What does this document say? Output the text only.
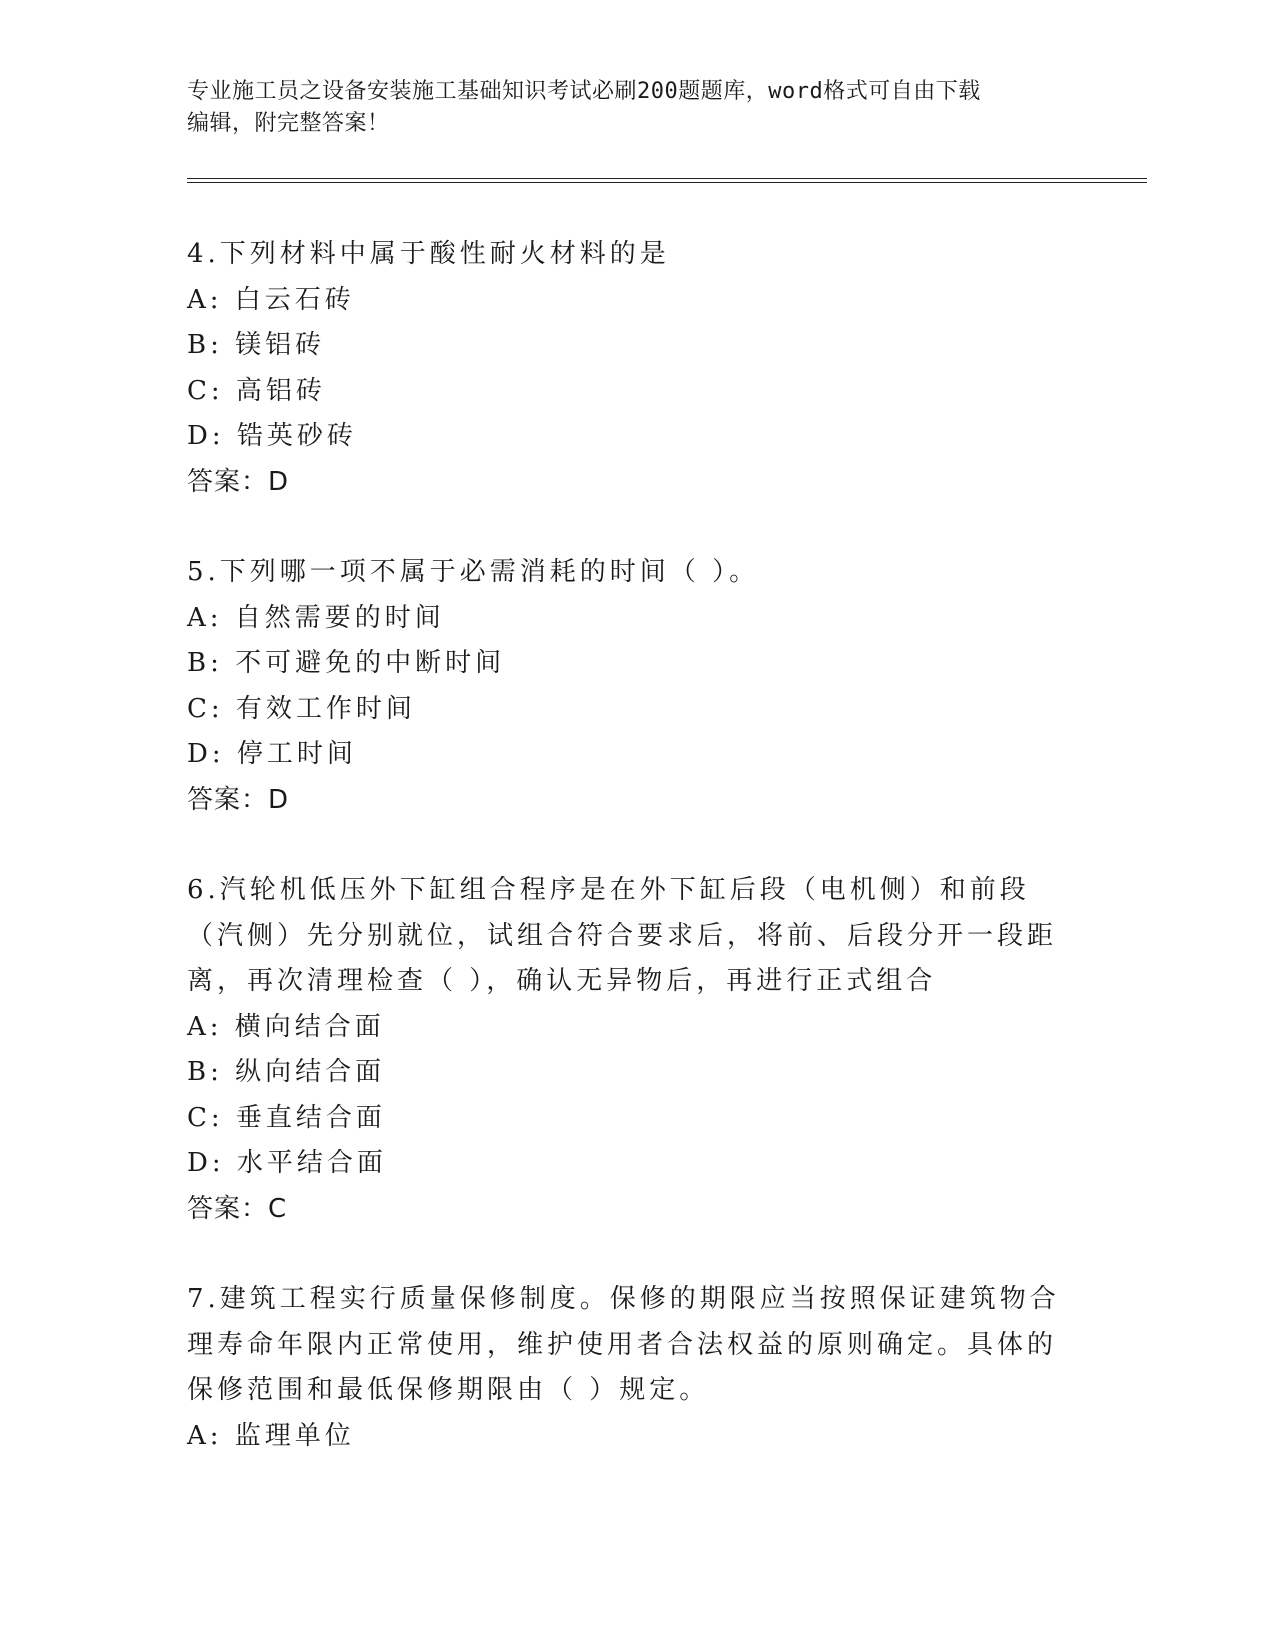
专业施工员之设备安装施工基础知识考试必刷200题题库，word格式可自由下载
编辑，附完整答案！

4.下列材料中属于酸性耐火材料的是

A: 白云石砖

B: 镁铝砖

C: 高铝砖

D: 锆英砂砖

答案：D

5.下列哪一项不属于必需消耗的时间（ ）。

A: 自然需要的时间

B: 不可避免的中断时间

C: 有效工作时间

D: 停工时间

答案：D

6.汽轮机低压外下缸组合程序是在外下缸后段（电机侧）和前段（汽侧）先分别就位，试组合符合要求后，将前、后段分开一段距离，再次清理检查（ ），确认无异物后，再进行正式组合

A: 横向结合面

B: 纵向结合面

C: 垂直结合面

D: 水平结合面

答案：C

7.建筑工程实行质量保修制度。保修的期限应当按照保证建筑物合理寿命年限内正常使用，维护使用者合法权益的原则确定。具体的保修范围和最低保修期限由（ ）规定。

A: 监理单位
